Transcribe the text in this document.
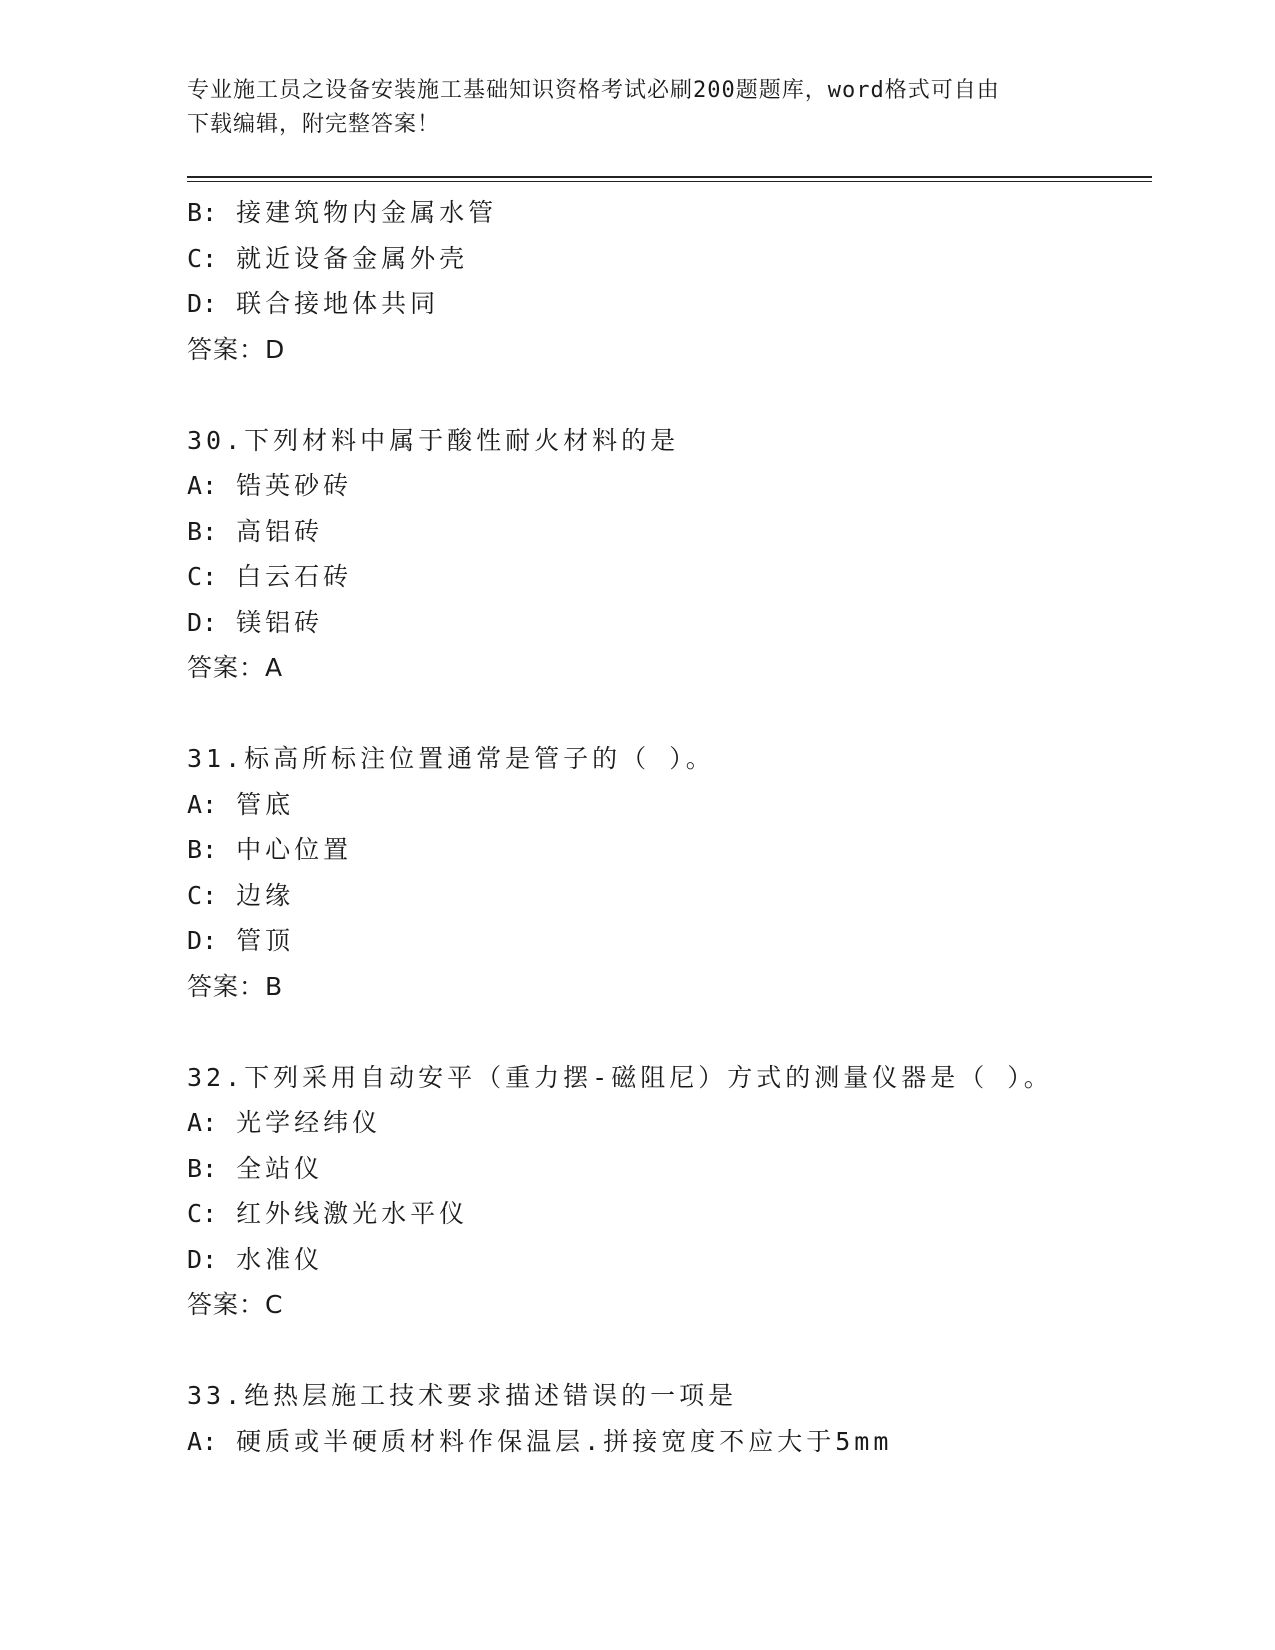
专业施工员之设备安装施工基础知识资格考试必刷200题题库，word格式可自由
下载编辑，附完整答案！
B: 接建筑物内金属水管
C: 就近设备金属外壳
D: 联合接地体共同
答案：D
30.下列材料中属于酸性耐火材料的是
A: 锆英砂砖
B: 高铝砖
C: 白云石砖
D: 镁铝砖
答案：A
31.标高所标注位置通常是管子的（ ）。
A: 管底
B: 中心位置
C: 边缘
D: 管顶
答案：B
32.下列采用自动安平（重力摆-磁阻尼）方式的测量仪器是（ ）。
A: 光学经纬仪
B: 全站仪
C: 红外线激光水平仪
D: 水准仪
答案：C
33.绝热层施工技术要求描述错误的一项是
A: 硬质或半硬质材料作保温层.拼接宽度不应大于5mm
